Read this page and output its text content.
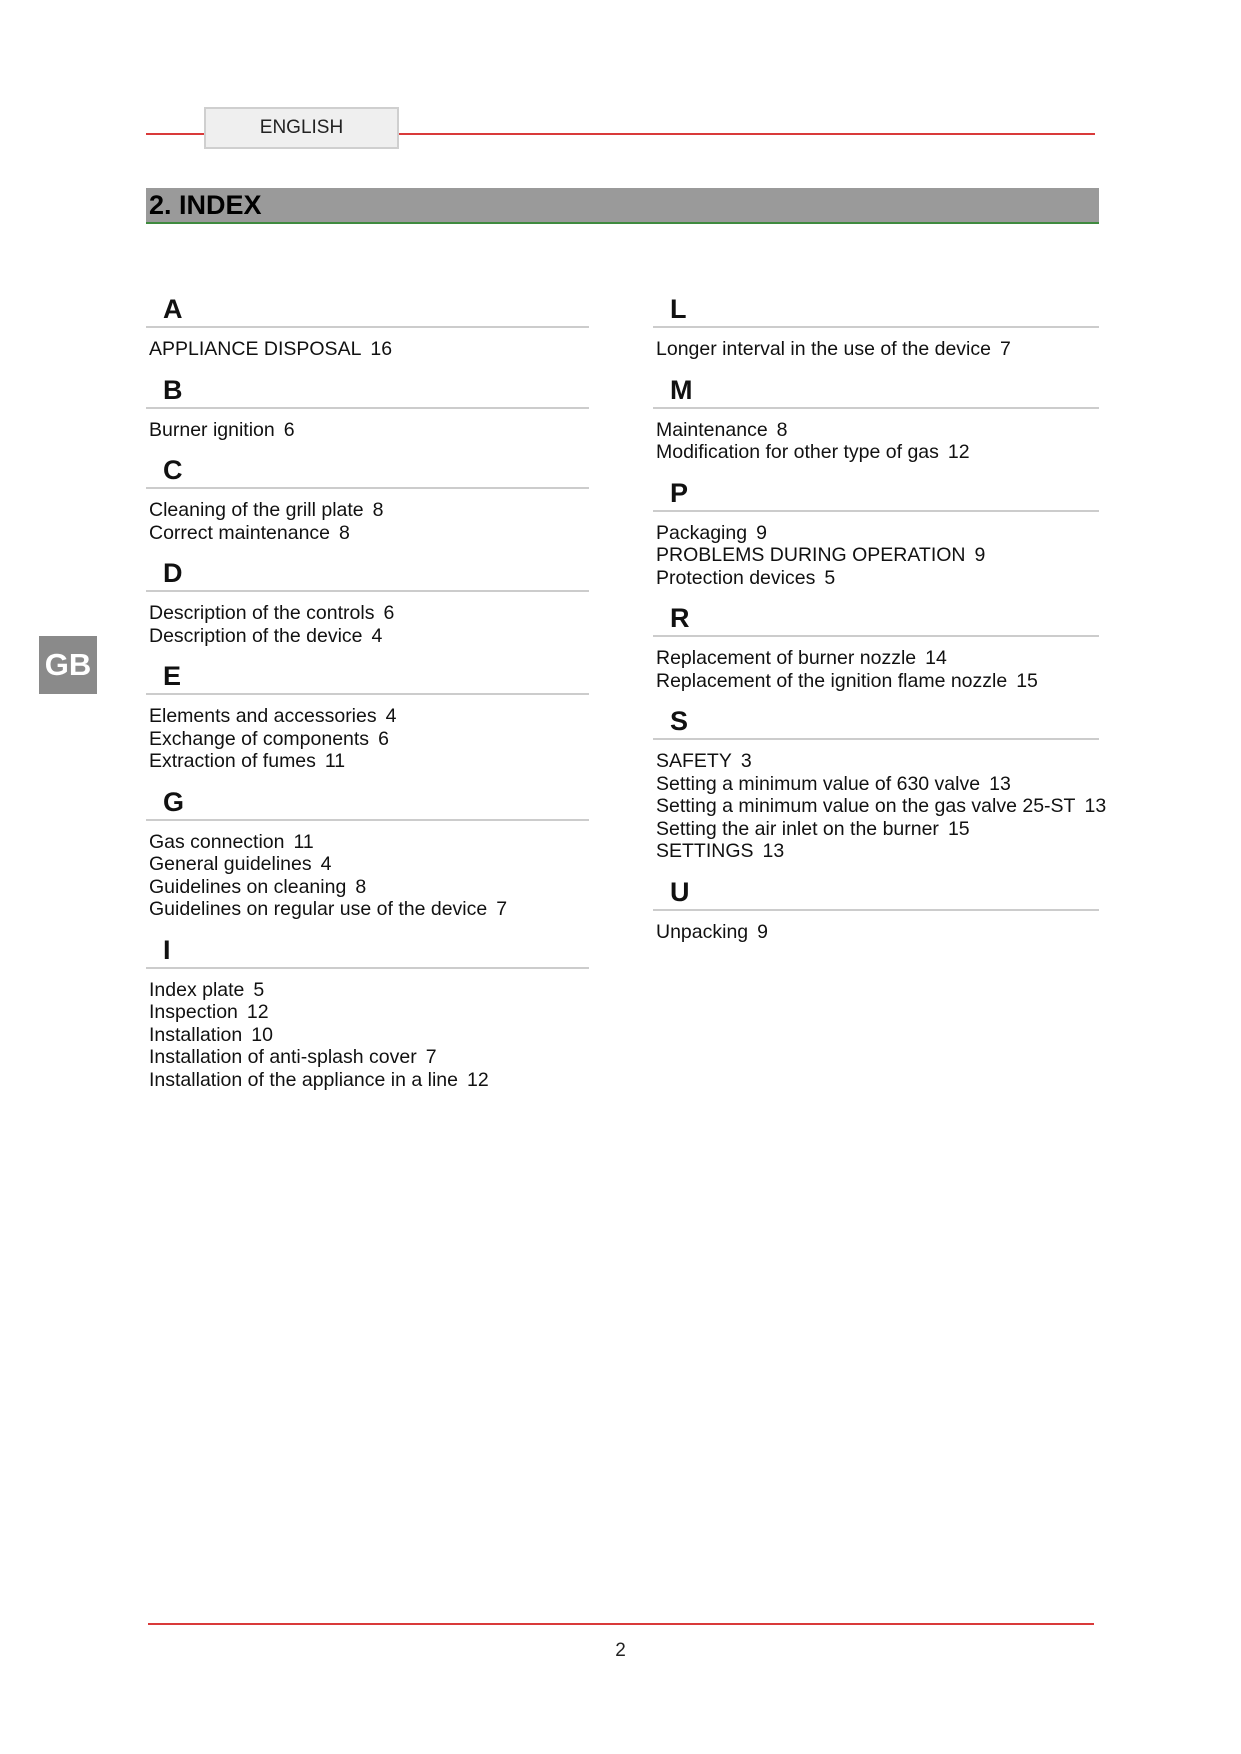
ENGLISH
2. INDEX
GB
A
APPLIANCE DISPOSAL 16
B
Burner ignition 6
C
Cleaning of the grill plate 8
Correct maintenance 8
D
Description of the controls 6
Description of the device 4
E
Elements and accessories 4
Exchange of components 6
Extraction of fumes 11
G
Gas connection 11
General guidelines 4
Guidelines on cleaning 8
Guidelines on regular use of the device 7
I
Index plate 5
Inspection 12
Installation 10
Installation of anti-splash cover 7
Installation of the appliance in a line 12
L
Longer interval in the use of the device 7
M
Maintenance 8
Modification for other type of gas 12
P
Packaging 9
PROBLEMS DURING OPERATION 9
Protection devices 5
R
Replacement of burner nozzle 14
Replacement of the ignition flame nozzle 15
S
SAFETY 3
Setting a minimum value of 630 valve 13
Setting a minimum value on the gas valve 25-ST 13
Setting the air inlet on the burner 15
SETTINGS 13
U
Unpacking 9
2
